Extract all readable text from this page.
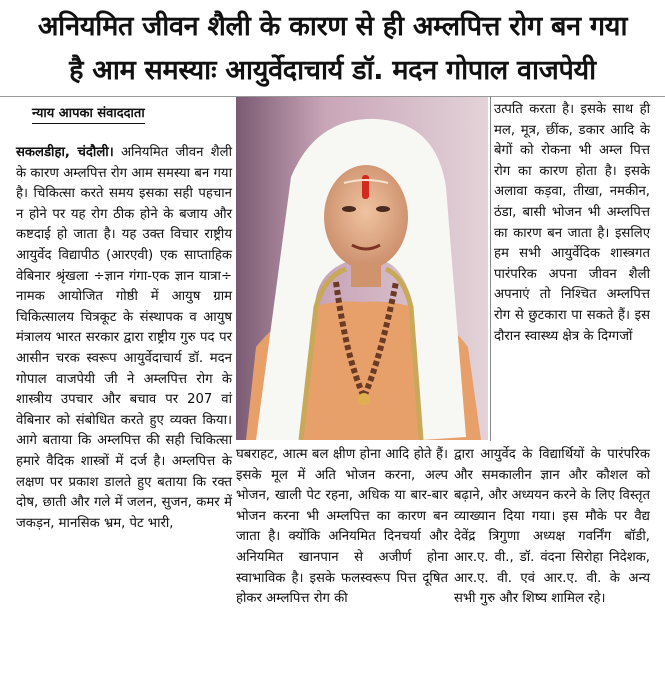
अनियमित जीवन शैली के कारण से ही अम्लपित्त रोग बन गया
है आम समस्याः आयुर्वेदाचार्य डॉ. मदन गोपाल वाजपेयी
न्याय आपका संवाददाता

सकलडीहा, चंदौली। अनियमित जीवन शैली के कारण अम्लपित्त रोग आम समस्या बन गया है। चिकित्सा करते समय इसका सही पहचान न होने पर यह रोग ठीक होने के बजाय और कष्टदाई हो जाता है। यह उक्त विचार राष्ट्रीय आयुर्वेद विद्यापीठ (आरएवी) एक साप्ताहिक वेबिनार श्रृंखला ÷ज्ञान गंगा-एक ज्ञान यात्रा÷ नामक आयोजित गोष्ठी में आयुष ग्राम चिकित्सालय चित्रकूट के संस्थापक व आयुष मंत्रालय भारत सरकार द्वारा राष्ट्रीय गुरु पद पर आसीन चरक स्वरूप आयुर्वेदाचार्य डॉ. मदन गोपाल वाजपेयी जी ने अम्लपित्त रोग के शास्त्रीय उपचार और बचाव पर 207 वां वेबिनार को संबोधित करते हुए व्यक्त किया। आगे बताया कि अम्लपित्त की सही चिकित्सा हमारे वैदिक शास्त्रों में दर्ज है। अम्लपित्त के लक्षण पर प्रकाश डालते हुए बताया कि रक्त दोष, छाती और गले में जलन, सुजन, कमर में जकड़न, मानसिक भ्रम, पेट भारी,

उत्पति करता है। इसके साथ ही मल, मूत्र, छींक, डकार आदि के बेगों को रोकना भी अम्ल पित्त रोग का कारण होता है। इसके अलावा कड़वा, तीखा, नमकीन, ठंडा, बासी भोजन भी अम्लपित्त का कारण बन जाता है। इसलिए हम सभी आयुर्वेदिक शास्त्रगत पारंपरिक अपना जीवन शैली अपनाएं तो निश्चित अम्लपित्त रोग से छुटकारा पा सकते हैं। इस दौरान स्वास्थ्य क्षेत्र के दिग्गजों

घबराहट, आत्म बल क्षीण होना आदि होते हैं। इसके मूल में अति भोजन करना, अल्प भोजन, खाली पेट रहना, अधिक या बार-बार भोजन करना भी अम्लपित्त का कारण बन जाता है। क्योंकि अनियमित दिनचर्या और अनियमित खानपान से अजीर्ण होना स्वाभाविक है। इसके फलस्वरूप पित्त दूषित होकर अम्लपित्त रोग की

द्वारा आयुर्वेद के विद्यार्थियों के पारंपरिक और समकालीन ज्ञान और कौशल को बढ़ाने, और अध्ययन करने के लिए विस्तृत व्याख्यान दिया गया। इस मौके पर वैद्य देवेंद्र त्रिगुणा अध्यक्ष गवर्निंग बॉडी, आर.ए. वी., डॉ. वंदना सिरोहा निदेशक, आर.ए. वी. एवं आर.ए. वी. के अन्य सभी गुरु और शिष्य शामिल रहे।
